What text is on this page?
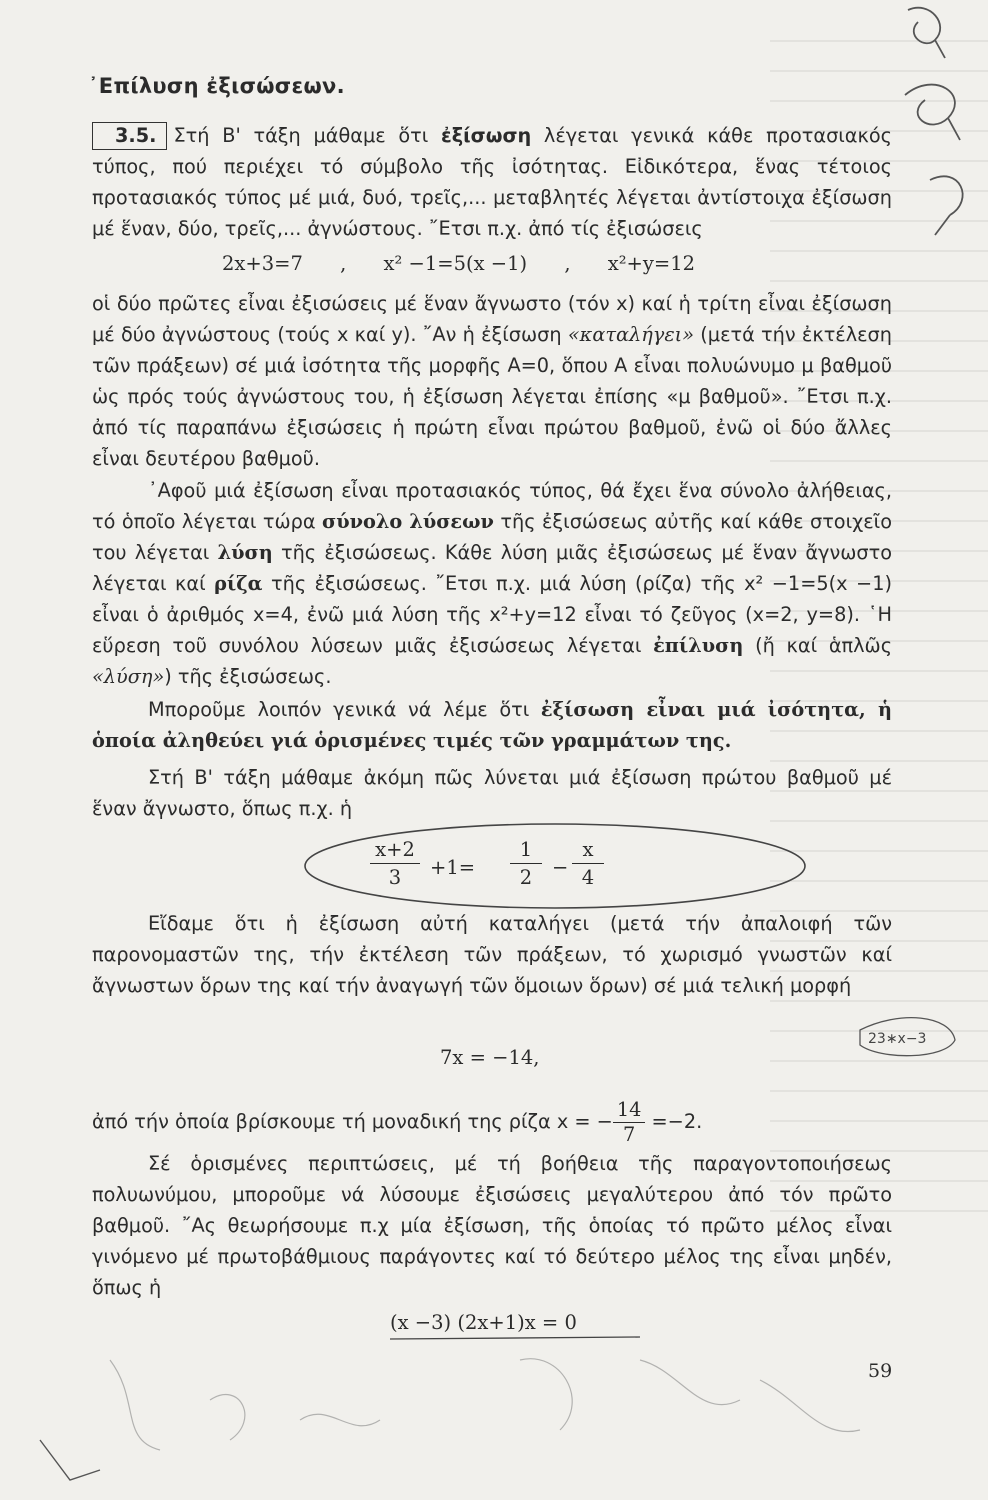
᾿Επίλυση ἐξισώσεων.

3.5. Στή Β' τάξη μάθαμε ὅτι ἐξίσωση λέγεται γενικά κάθε προτασιακός τύπος, πού περιέχει τό σύμβολο τῆς ἰσότητας. Εἰδικότερα, ἕνας τέτοιος προτασιακός τύπος μέ μιά, δυό, τρεῖς,... μεταβλητές λέγεται ἀντίστοιχα ἐξίσωση μέ ἕναν, δύο, τρεῖς,... ἀγνώστους. ῎Ετσι π.χ. ἀπό τίς ἐξισώσεις

2x+3=7      ,      x² −1=5(x −1)      ,      x²+y=12

οἱ δύο πρῶτες εἶναι ἐξισώσεις μέ ἕναν ἄγνωστο (τόν x) καί ἡ τρίτη εἶναι ἐξίσωση μέ δύο ἀγνώστους (τούς x καί y). ῎Αν ἡ ἐξίσωση «καταλήγει» (μετά τήν ἐκτέλεση τῶν πράξεων) σέ μιά ἰσότητα τῆς μορφῆς Α=0, ὅπου Α εἶναι πολυώνυμο μ βαθμοῦ ὡς πρός τούς ἀγνώστους του, ἡ ἐξίσωση λέγεται ἐπίσης «μ βαθμοῦ». ῎Ετσι π.χ. ἀπό τίς παραπάνω ἐξισώσεις ἡ πρώτη εἶναι πρώτου βαθμοῦ, ἐνῶ οἱ δύο ἄλλες εἶναι δευτέρου βαθμοῦ.

᾿Αφοῦ μιά ἐξίσωση εἶναι προτασιακός τύπος, θά ἔχει ἕνα σύνολο ἀλήθειας, τό ὁποῖο λέγεται τώρα σύνολο λύσεων τῆς ἐξισώσεως αὐτῆς καί κάθε στοιχεῖο του λέγεται λύση τῆς ἐξισώσεως. Κάθε λύση μιᾶς ἐξισώσεως μέ ἕναν ἄγνωστο λέγεται καί ρίζα τῆς ἐξισώσεως. ῎Ετσι π.χ. μιά λύση (ρίζα) τῆς x² −1=5(x −1) εἶναι ὁ ἀριθμός x=4, ἐνῶ μιά λύση τῆς x²+y=12 εἶναι τό ζεῦγος (x=2, y=8). ῾Η εὕρεση τοῦ συνόλου λύσεων μιᾶς ἐξισώσεως λέγεται ἐπίλυση (ἤ καί ἁπλῶς «λύση») τῆς ἐξισώσεως.

Μποροῦμε λοιπόν γενικά νά λέμε ὅτι ἐξίσωση εἶναι μιά ἰσότητα, ἡ ὁποία ἀληθεύει γιά ὁρισμένες τιμές τῶν γραμμάτων της.

Στή Β' τάξη μάθαμε ἀκόμη πῶς λύνεται μιά ἐξίσωση πρώτου βαθμοῦ μέ ἕναν ἄγνωστο, ὅπως π.χ. ἡ

$\frac{x+2}{3} +1= \frac{1}{2} - \frac{x}{4}$

Εἴδαμε ὅτι ἡ ἐξίσωση αὐτή καταλήγει (μετά τήν ἀπαλοιφή τῶν παρονομαστῶν της, τήν ἐκτέλεση τῶν πράξεων, τό χωρισμό γνωστῶν καί ἄγνωστων ὅρων της καί τήν ἀναγωγή τῶν ὅμοιων ὅρων) σέ μιά τελική μορφή

7x = −14,
ἀπό τήν ὁποία βρίσκουμε τή μοναδική της ρίζα x = − $\frac{14}{7} =-2$.

Σέ ὁρισμένες περιπτώσεις, μέ τή βοήθεια τῆς παραγοντοποιήσεως πολυωνύμου, μποροῦμε νά λύσουμε ἐξισώσεις μεγαλύτερου ἀπό τόν πρῶτο βαθμοῦ. ῎Ας θεωρήσουμε π.χ μία ἐξίσωση, τῆς ὁποίας τό πρῶτο μέλος εἶναι γινόμενο μέ πρωτοβάθμιους παράγοντες καί τό δεύτερο μέλος της εἶναι μηδέν, ὅπως ἡ

(x −3) (2x+1)x = 0
59
23∗x−3
